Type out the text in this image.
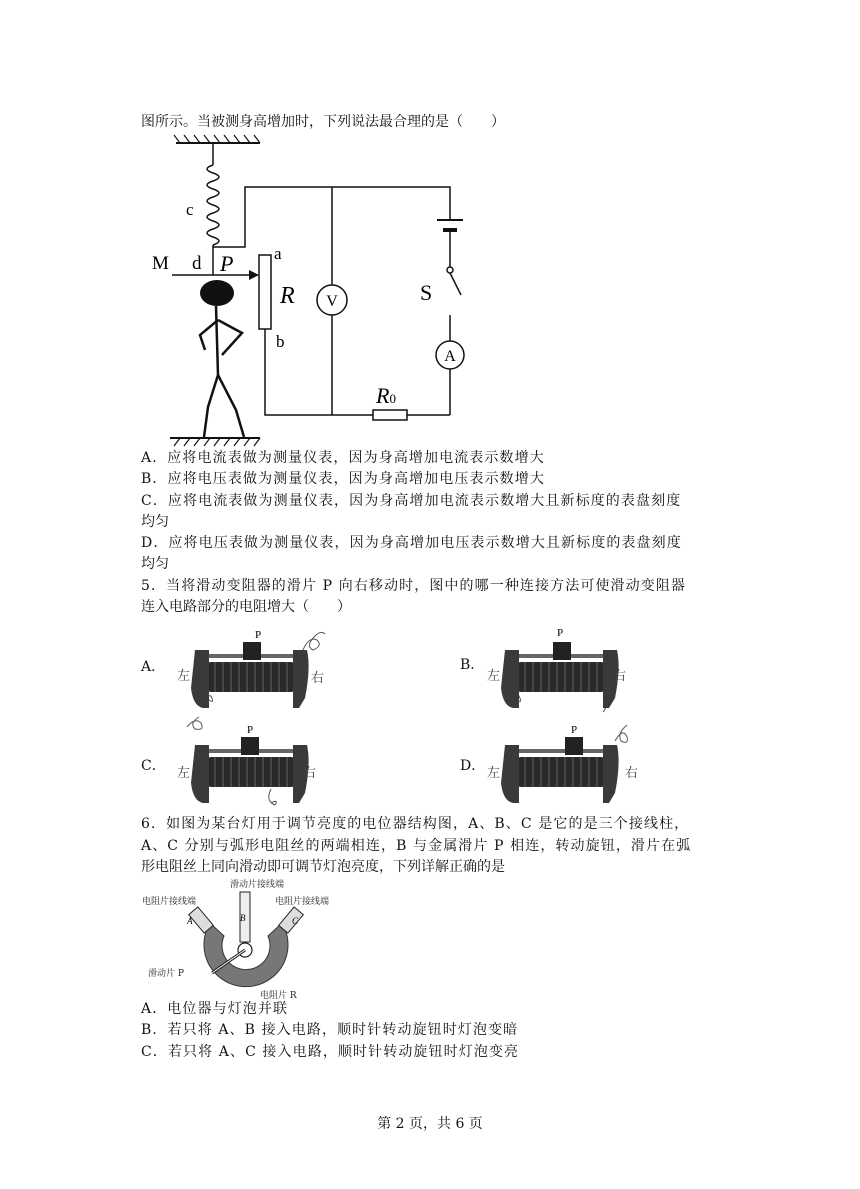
图所示。当被测身高增加时，下列说法最合理的是（　　）
c
S
A
V
R0
a
R
b
M d P
A．应将电流表做为测量仪表，因为身高增加电流表示数增大
B．应将电压表做为测量仪表，因为身高增加电压表示数增大
C．应将电流表做为测量仪表，因为身高增加电流表示数增大且新标度的表盘刻度
均匀
D．应将电压表做为测量仪表，因为身高增加电压表示数增大且新标度的表盘刻度
均匀
5．当将滑动变阻器的滑片 P 向右移动时，图中的哪一种连接方法可使滑动变阻器
连入电路部分的电阻增大（　　）
A．	B．
C．	D．
P
左	右
P
左	右
P
左	右
P
左	右
6．如图为某台灯用于调节亮度的电位器结构图，A、B、C 是它的是三个接线柱，
A、C 分别与弧形电阻丝的两端相连，B 与金属滑片 P 相连，转动旋钮，滑片在弧
形电阻丝上同向滑动即可调节灯泡亮度，下列详解正确的是
滑动片接线端
电阻片接线端	电阻片接线端
A	B	C
滑动片 P
电阻片 R
A．电位器与灯泡并联
B．若只将 A、B 接入电路，顺时针转动旋钮时灯泡变暗
C．若只将 A、C 接入电路，顺时针转动旋钮时灯泡变亮
第 2 页，共 6 页
